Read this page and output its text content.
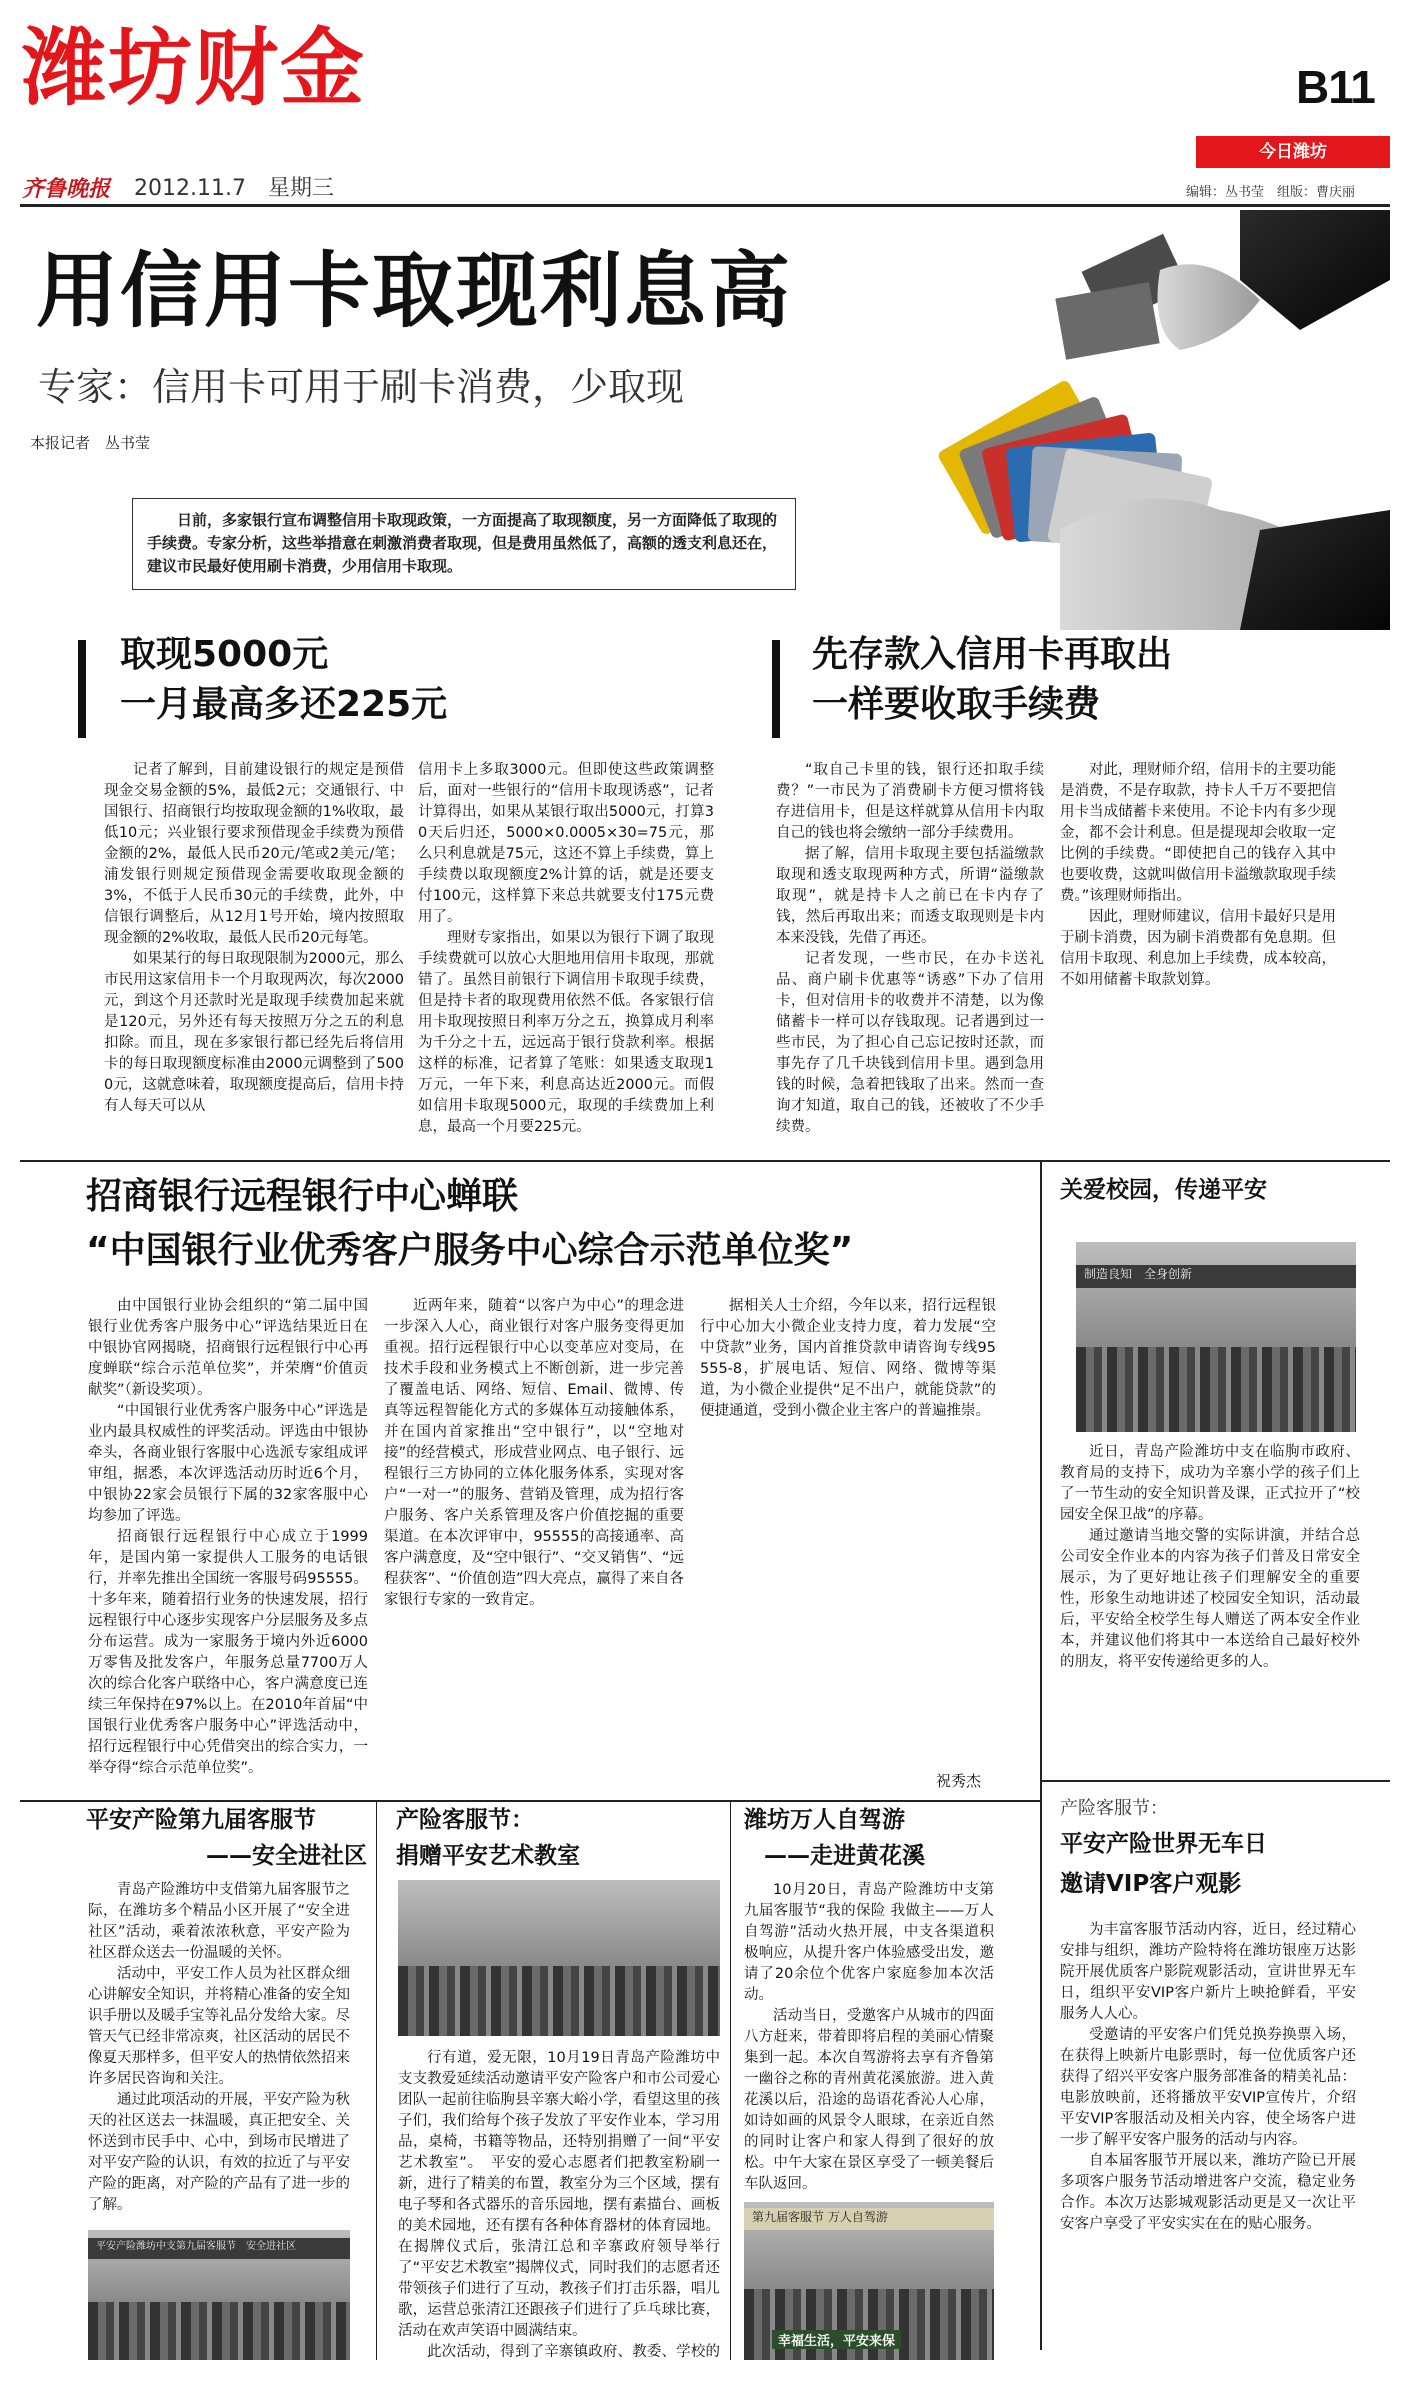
潍坊财金	B11
今日潍坊
齐鲁晚报 2012.11.7　 星期三	编辑：丛书莹　组版：曹庆丽
用信用卡取现利息高
专家：信用卡可用于刷卡消费，少取现
本报记者　丛书莹
日前，多家银行宣布调整信用卡取现政策，一方面提高了取现额度，另一方面降低了取现的手续费。专家分析，这些举措意在刺激消费者取现，但是费用虽然低了，高额的透支利息还在，建议市民最好使用刷卡消费，少用信用卡取现。
取现5000元
一月最高多还225元

记者了解到，目前建设银行的规定是预借现金交易金额的5%，最低2元；交通银行、中国银行、招商银行均按取现金额的1%收取，最低10元；兴业银行要求预借现金手续费为预借金额的2%，最低人民币20元/笔或2美元/笔；浦发银行则规定预借现金需要收取现金额的3%，不低于人民币30元的手续费，此外，中信银行调整后，从12月1号开始，境内按照取现金额的2%收取，最低人民币20元每笔。

如果某行的每日取现限制为2000元，那么市民用这家信用卡一个月取现两次，每次2000元，到这个月还款时光是取现手续费加起来就是120元，另外还有每天按照万分之五的利息扣除。而且，现在多家银行都已经先后将信用卡的每日取现额度标准由2000元调整到了5000元，这就意味着，取现额度提高后，信用卡持有人每天可以从

信用卡上多取3000元。但即使这些政策调整后，面对一些银行的“信用卡取现诱惑”，记者计算得出，如果从某银行取出5000元，打算30天后归还，5000×0.0005×30=75元，那么只利息就是75元，这还不算上手续费，算上手续费以取现额度2%计算的话，就是还要支付100元，这样算下来总共就要支付175元费用了。

理财专家指出，如果以为银行下调了取现手续费就可以放心大胆地用信用卡取现，那就错了。虽然目前银行下调信用卡取现手续费，但是持卡者的取现费用依然不低。各家银行信用卡取现按照日利率万分之五，换算成月利率为千分之十五，远远高于银行贷款利率。根据这样的标准，记者算了笔账：如果透支取现1万元，一年下来，利息高达近2000元。而假如信用卡取现5000元，取现的手续费加上利息，最高一个月要225元。

先存款入信用卡再取出
一样要收取手续费

“取自己卡里的钱，银行还扣取手续费？”一市民为了消费刷卡方便习惯将钱存进信用卡，但是这样就算从信用卡内取自己的钱也将会缴纳一部分手续费用。

据了解，信用卡取现主要包括溢缴款取现和透支取现两种方式，所谓“溢缴款取现”，就是持卡人之前已在卡内存了钱，然后再取出来；而透支取现则是卡内本来没钱，先借了再还。

记者发现，一些市民，在办卡送礼品、商户刷卡优惠等“诱惑”下办了信用卡，但对信用卡的收费并不清楚，以为像储蓄卡一样可以存钱取现。记者遇到过一些市民，为了担心自己忘记按时还款，而事先存了几千块钱到信用卡里。遇到急用钱的时候，急着把钱取了出来。然而一查询才知道，取自己的钱，还被收了不少手续费。

对此，理财师介绍，信用卡的主要功能是消费，不是存取款，持卡人千万不要把信用卡当成储蓄卡来使用。不论卡内有多少现金，都不会计利息。但是提现却会收取一定比例的手续费。“即使把自己的钱存入其中也要收费，这就叫做信用卡溢缴款取现手续费。”该理财师指出。

因此，理财师建议，信用卡最好只是用于刷卡消费，因为刷卡消费都有免息期。但信用卡取现、利息加上手续费，成本较高，不如用储蓄卡取款划算。

招商银行远程银行中心蝉联
“中国银行业优秀客户服务中心综合示范单位奖”

由中国银行业协会组织的“第二届中国银行业优秀客户服务中心”评选结果近日在中银协官网揭晓，招商银行远程银行中心再度蝉联“综合示范单位奖”，并荣膺“价值贡献奖”（新设奖项）。

“中国银行业优秀客户服务中心”评选是业内最具权威性的评奖活动。评选由中银协牵头，各商业银行客服中心选派专家组成评审组，据悉，本次评选活动历时近6个月，中银协22家会员银行下属的32家客服中心均参加了评选。

招商银行远程银行中心成立于1999年，是国内第一家提供人工服务的电话银行，并率先推出全国统一客服号码95555。十多年来，随着招行业务的快速发展，招行远程银行中心逐步实现客户分层服务及多点分布运营。成为一家服务于境内外近6000万零售及批发客户，年服务总量7700万人次的综合化客户联络中心，客户满意度已连续三年保持在97%以上。在2010年首届“中国银行业优秀客户服务中心”评选活动中，招行远程银行中心凭借突出的综合实力，一举夺得“综合示范单位奖”。

近两年来，随着“以客户为中心”的理念进一步深入人心，商业银行对客户服务变得更加重视。招行远程银行中心以变革应对变局，在技术手段和业务模式上不断创新，进一步完善了覆盖电话、网络、短信、Email、微博、传真等远程智能化方式的多媒体互动接触体系，并在国内首家推出“空中银行”，以“空地对接”的经营模式，形成营业网点、电子银行、远程银行三方协同的立体化服务体系，实现对客户“一对一”的服务、营销及管理，成为招行客户服务、客户关系管理及客户价值挖掘的重要渠道。在本次评审中，95555的高接通率、高客户满意度，及“空中银行”、“交叉销售”、“远程获客”、“价值创造”四大亮点，赢得了来自各家银行专家的一致肯定。

据相关人士介绍，今年以来，招行远程银行中心加大小微企业支持力度，着力发展“空中贷款”业务，国内首推贷款申请咨询专线95555-8，扩展电话、短信、网络、微博等渠道，为小微企业提供“足不出户，就能贷款”的便捷通道，受到小微企业主客户的普遍推崇。

祝秀杰
关爱校园，传递平安
制造良知　全身创新

近日，青岛产险潍坊中支在临朐市政府、教育局的支持下，成功为辛寨小学的孩子们上了一节生动的安全知识普及课，正式拉开了“校园安全保卫战”的序幕。

通过邀请当地交警的实际讲演，并结合总公司安全作业本的内容为孩子们普及日常安全展示，为了更好地让孩子们理解安全的重要性，形象生动地讲述了校园安全知识，活动最后，平安给全校学生每人赠送了两本安全作业本，并建议他们将其中一本送给自己最好校外的朋友，将平安传递给更多的人。

平安产险第九届客服节
——安全进社区

青岛产险潍坊中支借第九届客服节之际，在潍坊多个精品小区开展了“安全进社区”活动，乘着浓浓秋意，平安产险为社区群众送去一份温暖的关怀。

活动中，平安工作人员为社区群众细心讲解安全知识，并将精心准备的安全知识手册以及暖手宝等礼品分发给大家。尽管天气已经非常凉爽，社区活动的居民不像夏天那样多，但平安人的热情依然招来许多居民咨询和关注。

通过此项活动的开展，平安产险为秋天的社区送去一抹温暖，真正把安全、关怀送到市民手中、心中，到场市民增进了对平安产险的认识，有效的拉近了与平安产险的距离，对产险的产品有了进一步的了解。

平安产险潍坊中支第九届客服节　安全进社区
产险客服节：
捐赠平安艺术教室

行有道，爱无限，10月19日青岛产险潍坊中支支教爱延续活动邀请平安产险客户和市公司爱心团队一起前往临朐县辛寨大峪小学，看望这里的孩子们，我们给每个孩子发放了平安作业本，学习用品，桌椅，书籍等物品，还特别捐赠了一间“平安艺术教室”。　平安的爱心志愿者们把教室粉刷一新，进行了精美的布置，教室分为三个区域，摆有电子琴和各式器乐的音乐园地，摆有素描台、画板的美术园地，还有摆有各种体育器材的体育园地。在揭牌仪式后，张清江总和辛寨政府领导举行了“平安艺术教室”揭牌仪式，同时我们的志愿者还带领孩子们进行了互动，教孩子们打击乐器，唱儿歌，运营总张清江还跟孩子们进行了乒乓球比赛，活动在欢声笑语中圆满结束。

此次活动，得到了辛寨镇政府、教委、学校的

潍坊万人自驾游
——走进黄花溪

10月20日，青岛产险潍坊中支第九届客服节“我的保险 我做主——万人自驾游”活动火热开展，中支各渠道积极响应，从提升客户体验感受出发，邀请了20余位个优客户家庭参加本次活动。

活动当日，受邀客户从城市的四面八方赶来，带着即将启程的美丽心情聚集到一起。本次自驾游将去享有齐鲁第一幽谷之称的青州黄花溪旅游。进入黄花溪以后，沿途的岛语花香沁人心扉，如诗如画的风景令人眼球，在亲近自然的同时让客户和家人得到了很好的放松。中午大家在景区享受了一顿美餐后车队返回。

第九届客服节 万人自驾游
幸福生活，平安来保
产险客服节：
平安产险世界无车日
邀请VIP客户观影

为丰富客服节活动内容，近日，经过精心安排与组织，潍坊产险特将在潍坊银座万达影院开展优质客户影院观影活动，宣讲世界无车日，组织平安VIP客户新片上映抢鲜看，平安服务人人心。

受邀请的平安客户们凭兑换券换票入场，在获得上映新片电影票时，每一位优质客户还获得了绍兴平安客户服务部准备的精美礼品：电影放映前，还将播放平安VIP宣传片，介绍平安VIP客服活动及相关内容，使全场客户进一步了解平安客户服务的活动与内容。

自本届客服节开展以来，潍坊产险已开展多项客户服务节活动增进客户交流，稳定业务合作。本次万达影城观影活动更是又一次让平安客户享受了平安实实在在的贴心服务。
